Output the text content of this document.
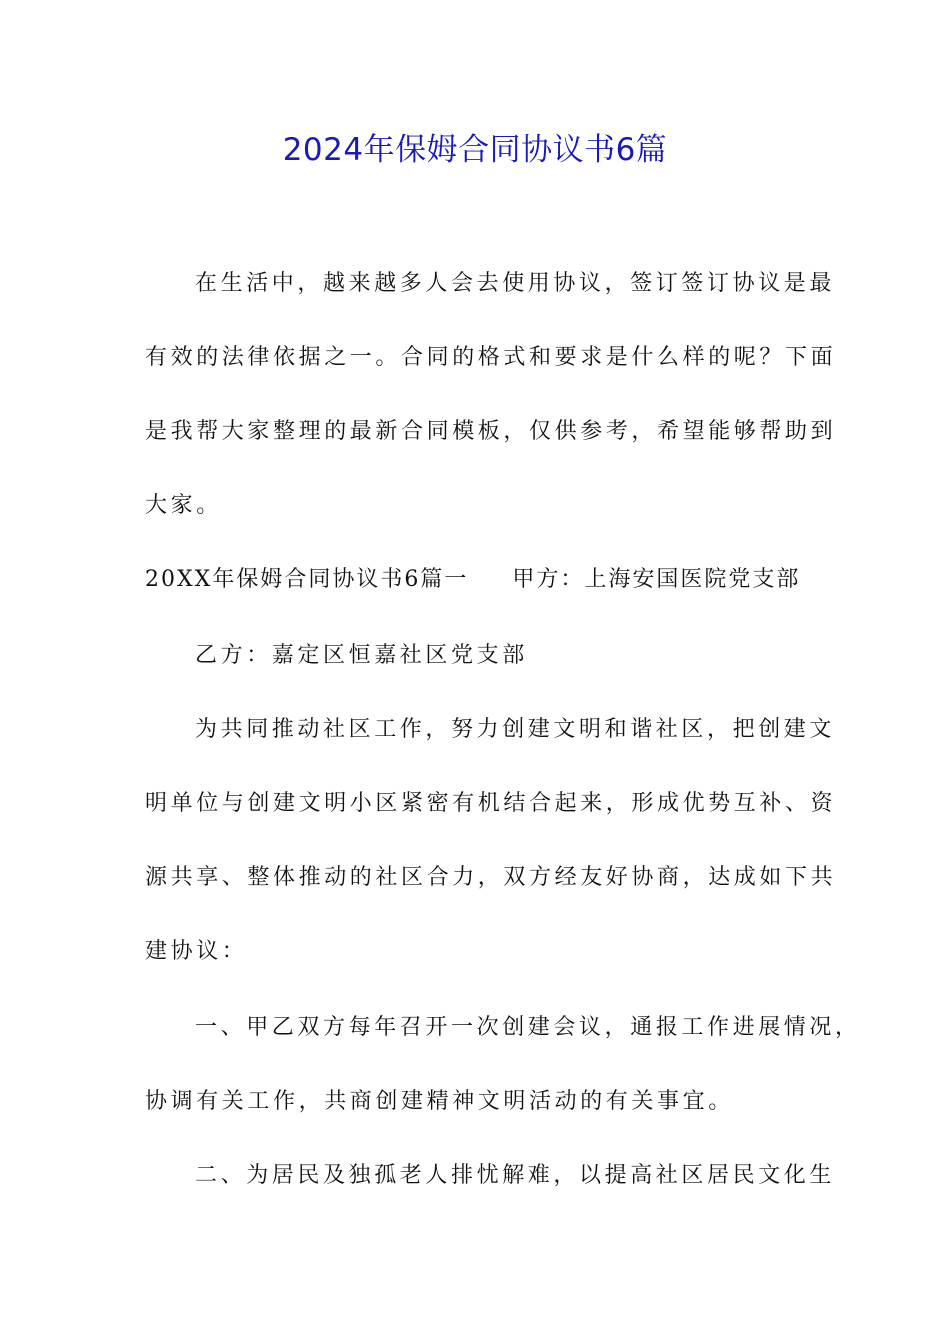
2024年保姆合同协议书6篇
在生活中，越来越多人会去使用协议，签订签订协议是最
有效的法律依据之一。合同的格式和要求是什么样的呢？下面
是我帮大家整理的最新合同模板，仅供参考，希望能够帮助到
大家。
20XX年保姆合同协议书6篇一 甲方：上海安国医院党支部
乙方：嘉定区恒嘉社区党支部
为共同推动社区工作，努力创建文明和谐社区，把创建文
明单位与创建文明小区紧密有机结合起来，形成优势互补、资
源共享、整体推动的社区合力，双方经友好协商，达成如下共
建协议：
一、甲乙双方每年召开一次创建会议，通报工作进展情况，
协调有关工作，共商创建精神文明活动的有关事宜。
二、为居民及独孤老人排忧解难，以提高社区居民文化生
